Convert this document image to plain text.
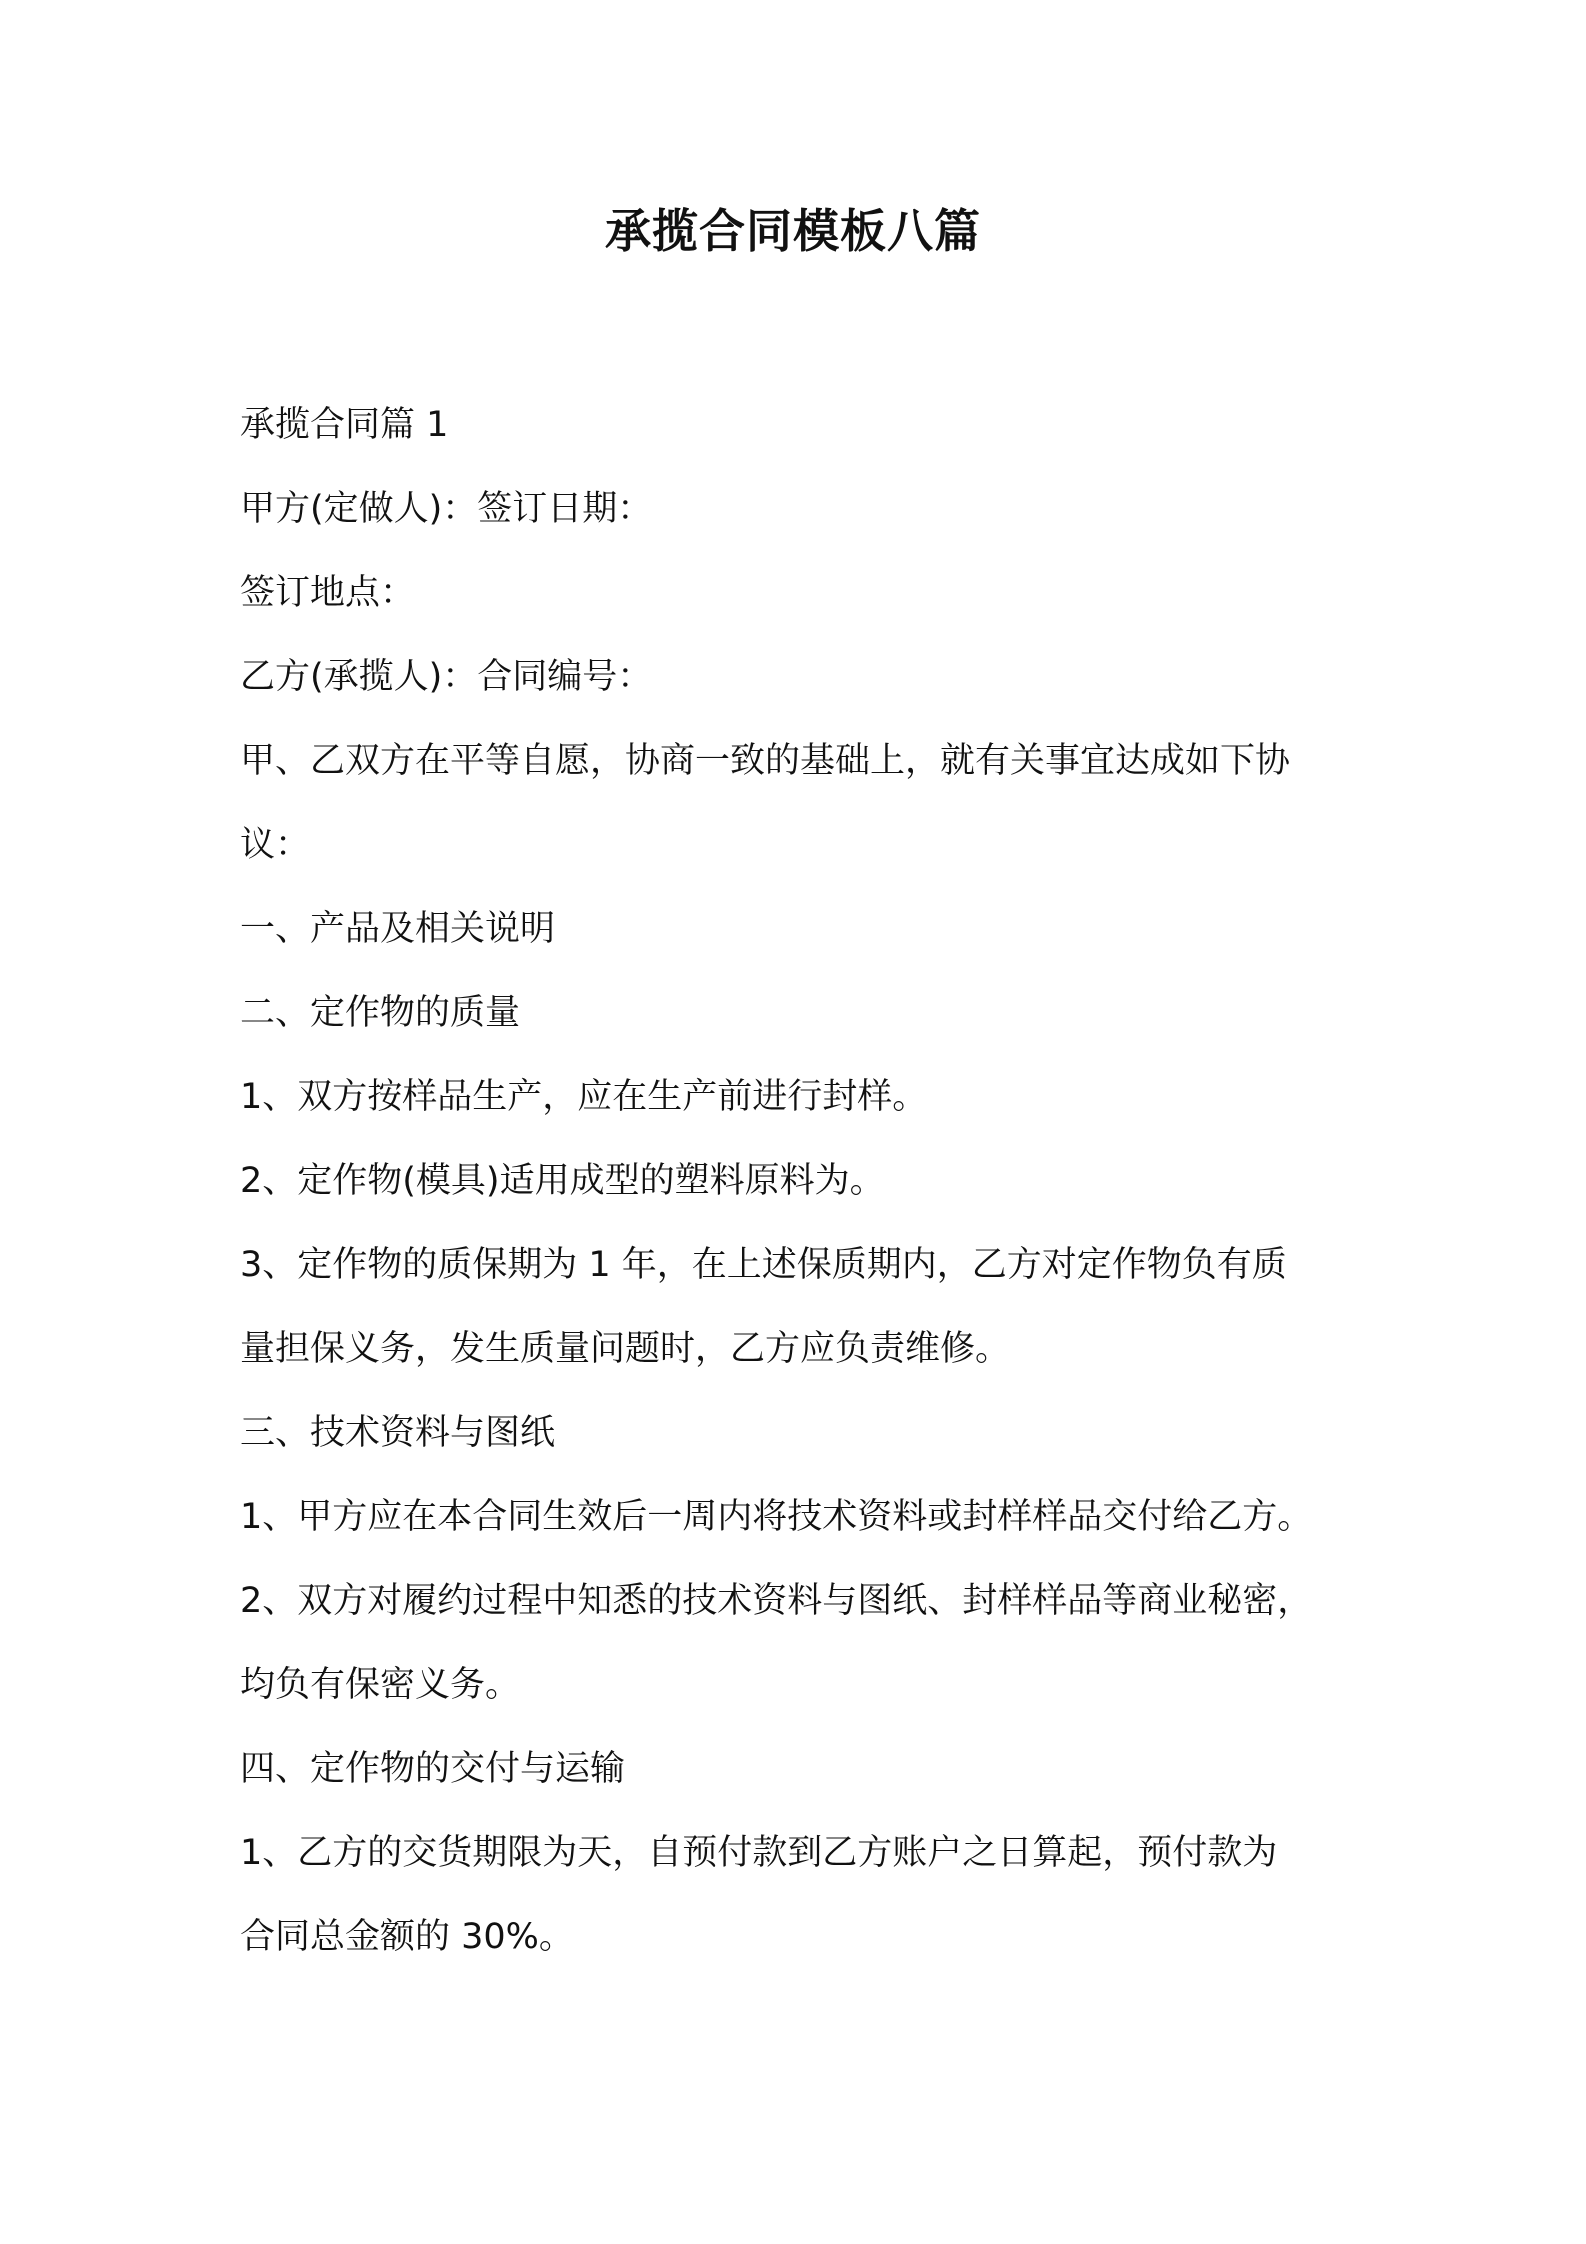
承揽合同模板八篇
承揽合同篇 1
甲方(定做人)：签订日期：
签订地点：
乙方(承揽人)：合同编号：
甲、乙双方在平等自愿，协商一致的基础上，就有关事宜达成如下协
议：
一、产品及相关说明
二、定作物的质量
1、双方按样品生产，应在生产前进行封样。
2、定作物(模具)适用成型的塑料原料为。
3、定作物的质保期为 1 年，在上述保质期内，乙方对定作物负有质
量担保义务，发生质量问题时，乙方应负责维修。
三、技术资料与图纸
1、甲方应在本合同生效后一周内将技术资料或封样样品交付给乙方。
2、双方对履约过程中知悉的技术资料与图纸、封样样品等商业秘密，
均负有保密义务。
四、定作物的交付与运输
1、乙方的交货期限为天，自预付款到乙方账户之日算起，预付款为
合同总金额的 30%。
